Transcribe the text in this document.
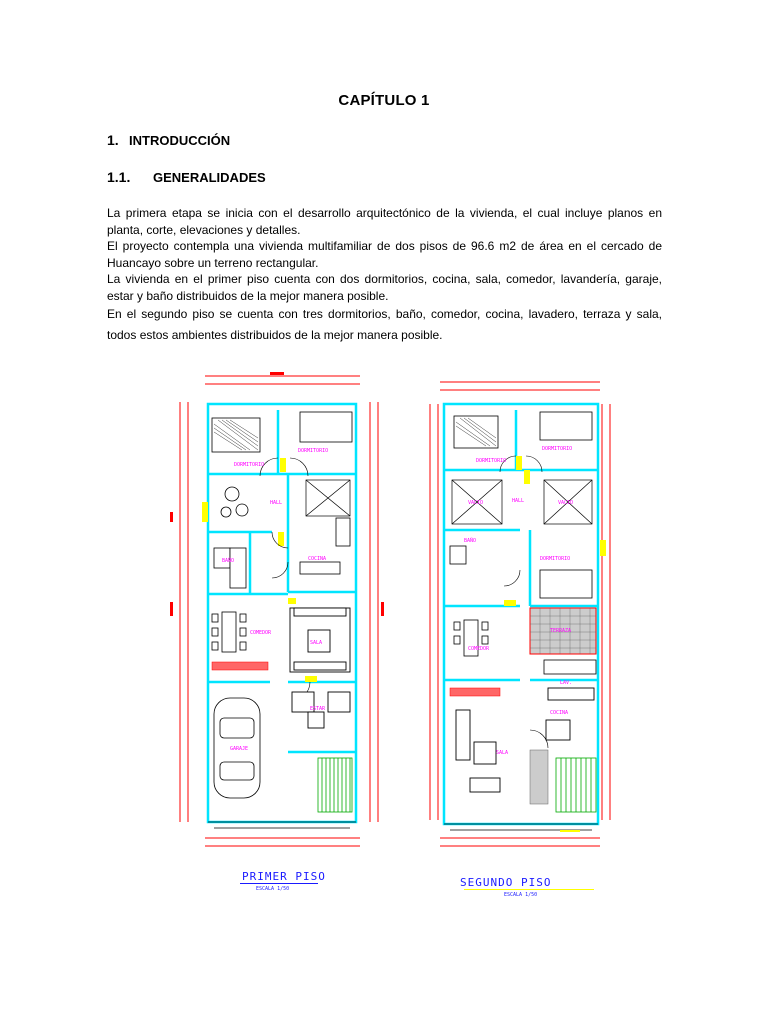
CAPÍTULO 1
1. INTRODUCCIÓN
1.1. GENERALIDADES

La primera etapa se inicia con el desarrollo arquitectónico de la vivienda, el cual incluye planos en planta, corte, elevaciones y detalles.

El proyecto contempla una vivienda multifamiliar de dos pisos de 96.6 m2 de área en el cercado de Huancayo sobre un terreno rectangular.

La vivienda en el primer piso cuenta con dos dormitorios, cocina, sala, comedor, lavandería, garaje, estar y baño distribuidos de la mejor manera posible.

En el segundo piso se cuenta con tres dormitorios, baño, comedor, cocina, lavadero, terraza y sala, todos estos ambientes distribuidos de la mejor manera posible.

DORMITORIO
DORMITORIO
HALL
BAÑO	COCINA
COMEDOR
SALA
ESTAR
GARAJE
PRIMER PISO
ESCALA 1/50
DORMITORIO
DORMITORIO
HALL
VACIO	VACIO
BAÑO
DORMITORIO
TERRAZA
COMEDOR
LAV.
COCINA
SALA
SEGUNDO PISO
ESCALA 1/50
